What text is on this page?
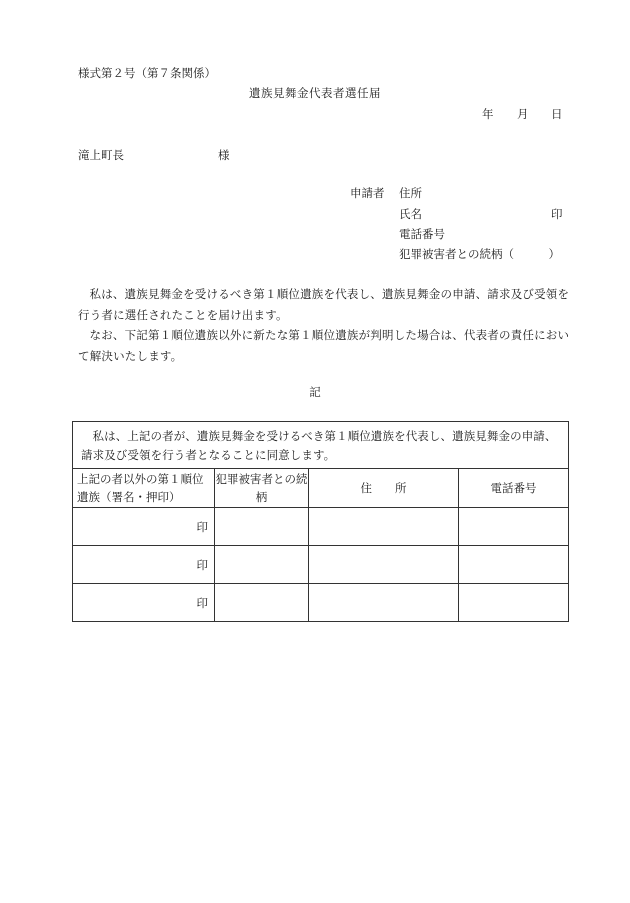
様式第２号（第７条関係）
遺族見舞金代表者選任届
年 月 日
滝上町長	様
申請者 住所
氏名	印
電話番号
犯罪被害者との続柄（　　　）
私は、遺族見舞金を受けるべき第１順位遺族を代表し、遺族見舞金の申請、請求及び受領を行う者に選任されたことを届け出ます。
なお、下記第１順位遺族以外に新たな第１順位遺族が判明した場合は、代表者の責任において解決いたします。
記
私は、上記の者が、遺族見舞金を受けるべき第１順位遺族を代表し、遺族見舞金の申請、請求及び受領を行う者となることに同意します。			
上記の者以外の第１順位遺族（署名・押印）	犯罪被害者との続　柄	住　　所	電話番号
印			
印			
印			
